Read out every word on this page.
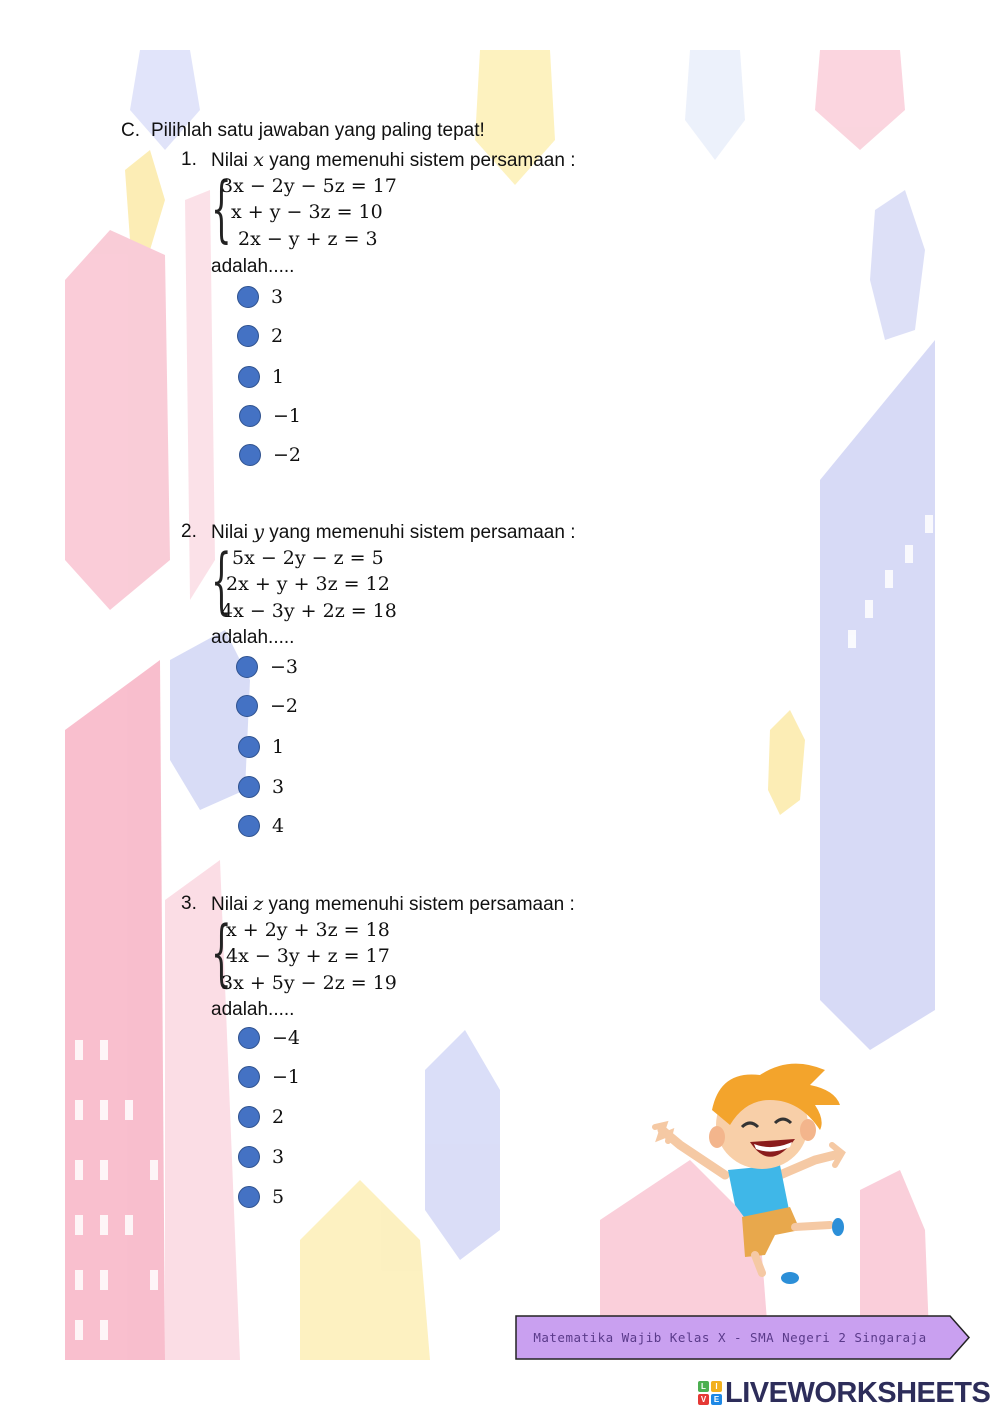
C. Pilihlah satu jawaban yang paling tepat!
1. Nilai x yang memenuhi sistem persamaan :
{
3x − 2y − 5z = 17
x + y − 3z = 10
2x − y + z = 3
adalah.....
3
2
1
−1
−2
2. Nilai y yang memenuhi sistem persamaan :
{ 5x − 2y − z = 5
2x + y + 3z = 12
4x − 3y + 2z = 18
adalah.....
−3
−2
1
3
4
3. Nilai z yang memenuhi sistem persamaan :
{
x + 2y + 3z = 18
4x − 3y + z = 17
3x + 5y − 2z = 19
adalah.....
−4
−1
2
3
5
Matematika Wajib Kelas X - SMA Negeri 2 Singaraja
L	I
V E LIVEWORKSHEETS
